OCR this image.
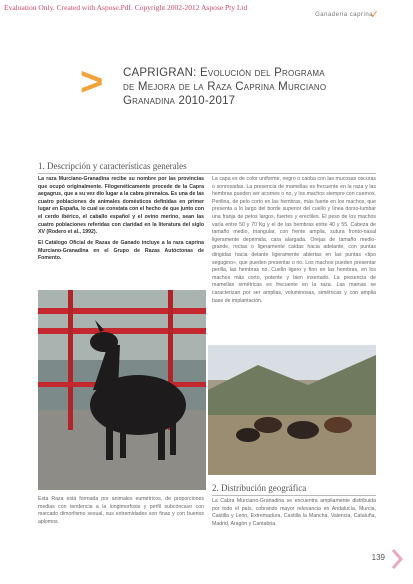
Evaluation Only. Created with Aspose.Pdf. Copyright 2002-2012 Aspose Pty Ltd
✓
Ganaderia caprina
> CAPRIGRAN: Evolución del Programa
de Mejora de la Raza Caprina Murciano
Granadina 2010-2017
1. Descripción y características generales
La raza Murciano-Granadina recibe su nombre por las provincias que ocupó originalmente. Filogenéticamente procede de la Capra aegagrus, que a su vez dio lugar a la cabra pirenaica. Es una de las cuatro poblaciones de animales domésticos definidas en primer lugar en España, lo cual se constata con el hecho de que junto con el cerdo ibérico, el caballo español y el ovino merino, sean las cuatro poblaciones referidas con claridad en la literatura del siglo XV (Rodero et al., 1992).
El Catálogo Oficial de Razas de Ganado incluye a la raza caprina Murciano-Granadina en el Grupo de Razas Autóctonas de Fomento.
La capa es de color uniforme, negro o caoba con las mucosas oscuras o sonrosadas. La presencia de mamellas es frecuente en la raza y las hembras pueden ser acornes o no, y los machos siempre con cuernos. Perilina, de pelo corto en las hembras, más fuerte en los machos, que presenta a lo largo del borde superior del cuello y línea dorso-lumbar una franja de pelos largos, fuertes y erectiles. El peso de los machos varía entre 50 y 70 Kg y el de las hembras entre 40 y 55. Cabeza de tamaño medio, triangular, con frente amplia, sutura fronto-nasal ligeramente deprimida, cara alargada. Orejas de tamaño medio-grande, rectas o ligeramente caídas hacia adelante, con puntas dirigidas hacia delante ligeramente abiertas en las puntas «tipo segugino», que pueden presentar o no. Los machos pueden presentar perilla, las hembras no. Cuello ligero y fino en las hembras, en los machos más corto, potente y bien insertado. La presencia de mamellas simétricas es frecuente en la raza. Las mamas se caracterizan por ser amplias, voluminosas, simétricas y con amplia base de implantación.
Esta Raza está formada por animales eumétricos, de proporciones medias con tendencia a la longimorfosis y perfil subcóncavo con marcado dimorfismo sexual, sus extremidades son finas y con buenos aplomos.
2. Distribución geográfica
La Cabra Murciano-Granadina se encuentra ampliamente distribuida por todo el país, cobrando mayor relevancia en Andalucía, Murcia, Castilla y León, Extremadura, Castilla la Mancha, Valencia, Cataluña, Madrid, Aragón y Cantabria.
139
